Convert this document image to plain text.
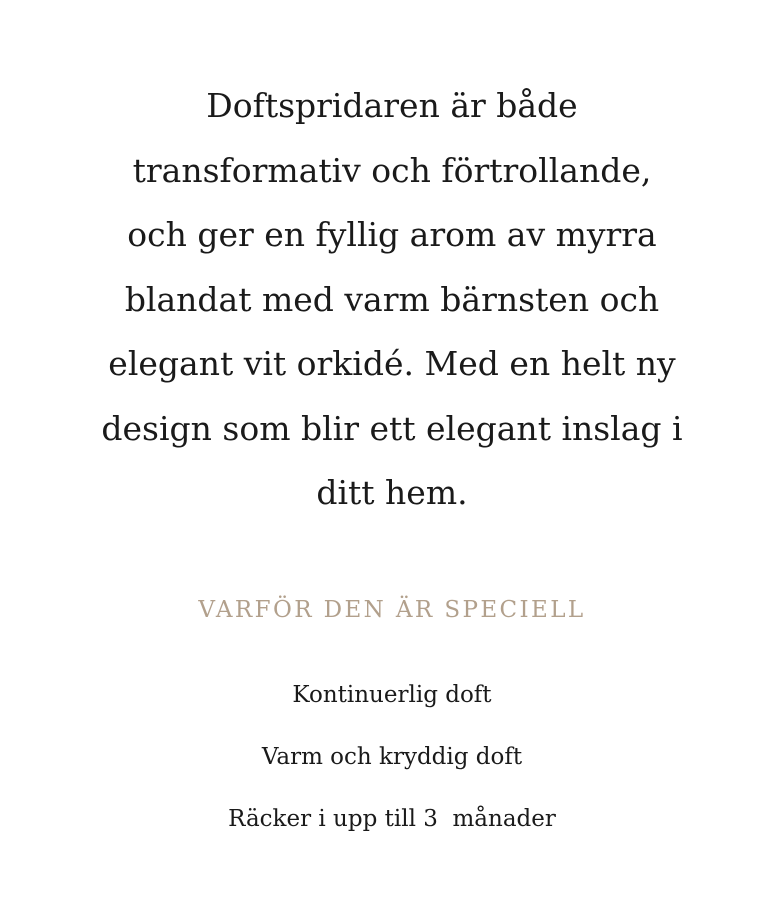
Doftspridaren är både
transformativ och förtrollande,
och ger en fyllig arom av myrra
blandat med varm bärnsten och
elegant vit orkidé. Med en helt ny
design som blir ett elegant inslag i
ditt hem.

VARFÖR DEN ÄR SPECIELL
Kontinuerlig doft
Varm och kryddig doft
Räcker i upp till 3  månader
